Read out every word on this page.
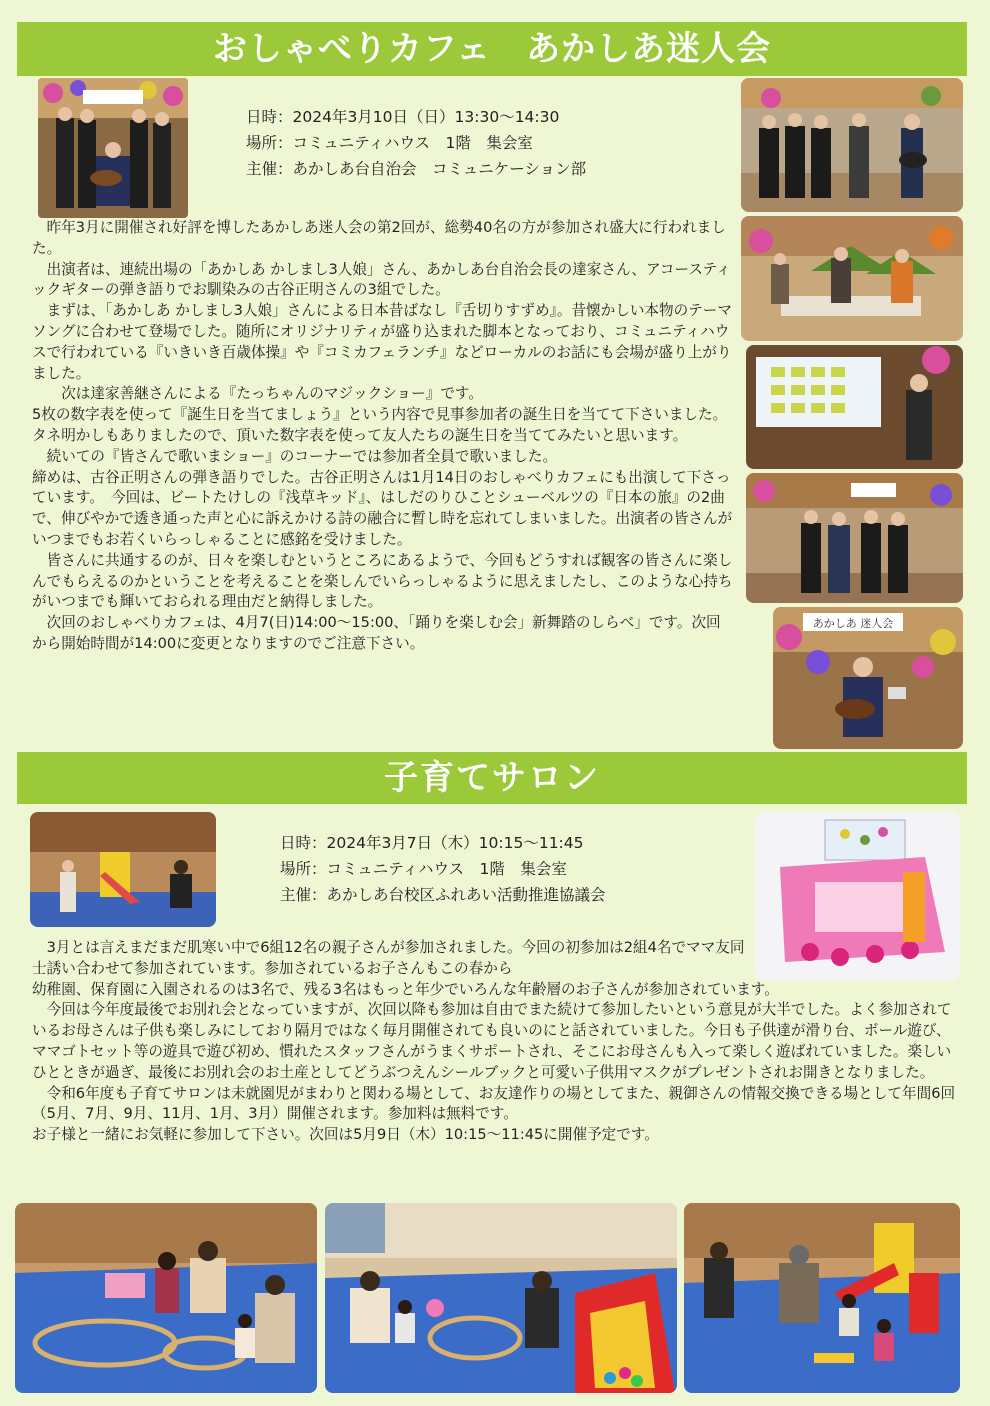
おしゃべりカフェ　あかしあ迷人会
日時：2024年3月10日（日）13:30～14:30
場所：コミュニティハウス　1階　集会室
主催：あかしあ台自治会　コミュニケーション部
あかしあ 迷人会

　昨年3月に開催され好評を博したあかしあ迷人会の第2回が、総勢40名の方が参加され盛大に行われました。

　出演者は、連続出場の「あかしあ かしまし3人娘」さん、あかしあ台自治会長の達家さん、アコースティックギターの弾き語りでお馴染みの古谷正明さんの3組でした。

　まずは、「あかしあ かしまし3人娘」さんによる日本昔ばなし『舌切りすずめ』。昔懐かしい本物のテーマソングに合わせて登場でした。随所にオリジナリティが盛り込まれた脚本となっており、コミュニティハウスで行われている『いきいき百歳体操』や『コミカフェランチ』などローカルのお話にも会場が盛り上がりました。

　　次は達家善継さんによる『たっちゃんのマジックショー』です。

5枚の数字表を使って『誕生日を当てましょう』という内容で見事参加者の誕生日を当てて下さいました。タネ明かしもありましたので、頂いた数字表を使って友人たちの誕生日を当ててみたいと思います。

　続いての『皆さんで歌いまショー』のコーナーでは参加者全員で歌いました。

締めは、古谷正明さんの弾き語りでした。古谷正明さんは1月14日のおしゃべりカフェにも出演して下さっています。　今回は、ビートたけしの『浅草キッド』、はしだのりひことシューベルツの『日本の旅』の2曲で、伸びやかで透き通った声と心に訴えかける詩の融合に暫し時を忘れてしまいました。出演者の皆さんがいつまでもお若くいらっしゃることに感銘を受けました。

　皆さんに共通するのが、日々を楽しむというところにあるようで、今回もどうすれば観客の皆さんに楽しんでもらえるのかということを考えることを楽しんでいらっしゃるように思えましたし、このような心持ちがいつまでも輝いておられる理由だと納得しました。

　次回のおしゃべりカフェは、4月7(日)14:00～15:00、「踊りを楽しむ会」新舞踏のしらべ」です。次回から開始時間が14:00に変更となりますのでご注意下さい。

子育てサロン
日時：2024年3月7日（木）10:15～11:45
場所：コミュニティハウス　1階　集会室
主催：あかしあ台校区ふれあい活動推進協議会

　3月とは言えまだまだ肌寒い中で6組12名の親子さんが参加されました。今回の初参加は2組4名でママ友同士誘い合わせて参加されています。参加されているお子さんもこの春から

幼稚園、保育園に入園されるのは3名で、残る3名はもっと年少でいろんな年齢層のお子さんが参加されています。

　今回は今年度最後でお別れ会となっていますが、次回以降も参加は自由でまた続けて参加したいという意見が大半でした。よく参加されているお母さんは子供も楽しみにしており隔月ではなく毎月開催されても良いのにと話されていました。今日も子供達が滑り台、ボール遊び、ママゴトセット等の遊具で遊び初め、慣れたスタッフさんがうまくサポートされ、そこにお母さんも入って楽しく遊ばれていました。楽しいひとときが過ぎ、最後にお別れ会のお土産としてどうぶつえんシールブックと可愛い子供用マスクがプレゼントされお開きとなりました。

　令和6年度も子育てサロンは未就園児がまわりと関わる場として、お友達作りの場としてまた、親御さんの情報交換できる場として年間6回（5月、7月、9月、11月、1月、3月）開催されます。参加料は無料です。

お子様と一緒にお気軽に参加して下さい。次回は5月9日（木）10:15～11:45に開催予定です。
